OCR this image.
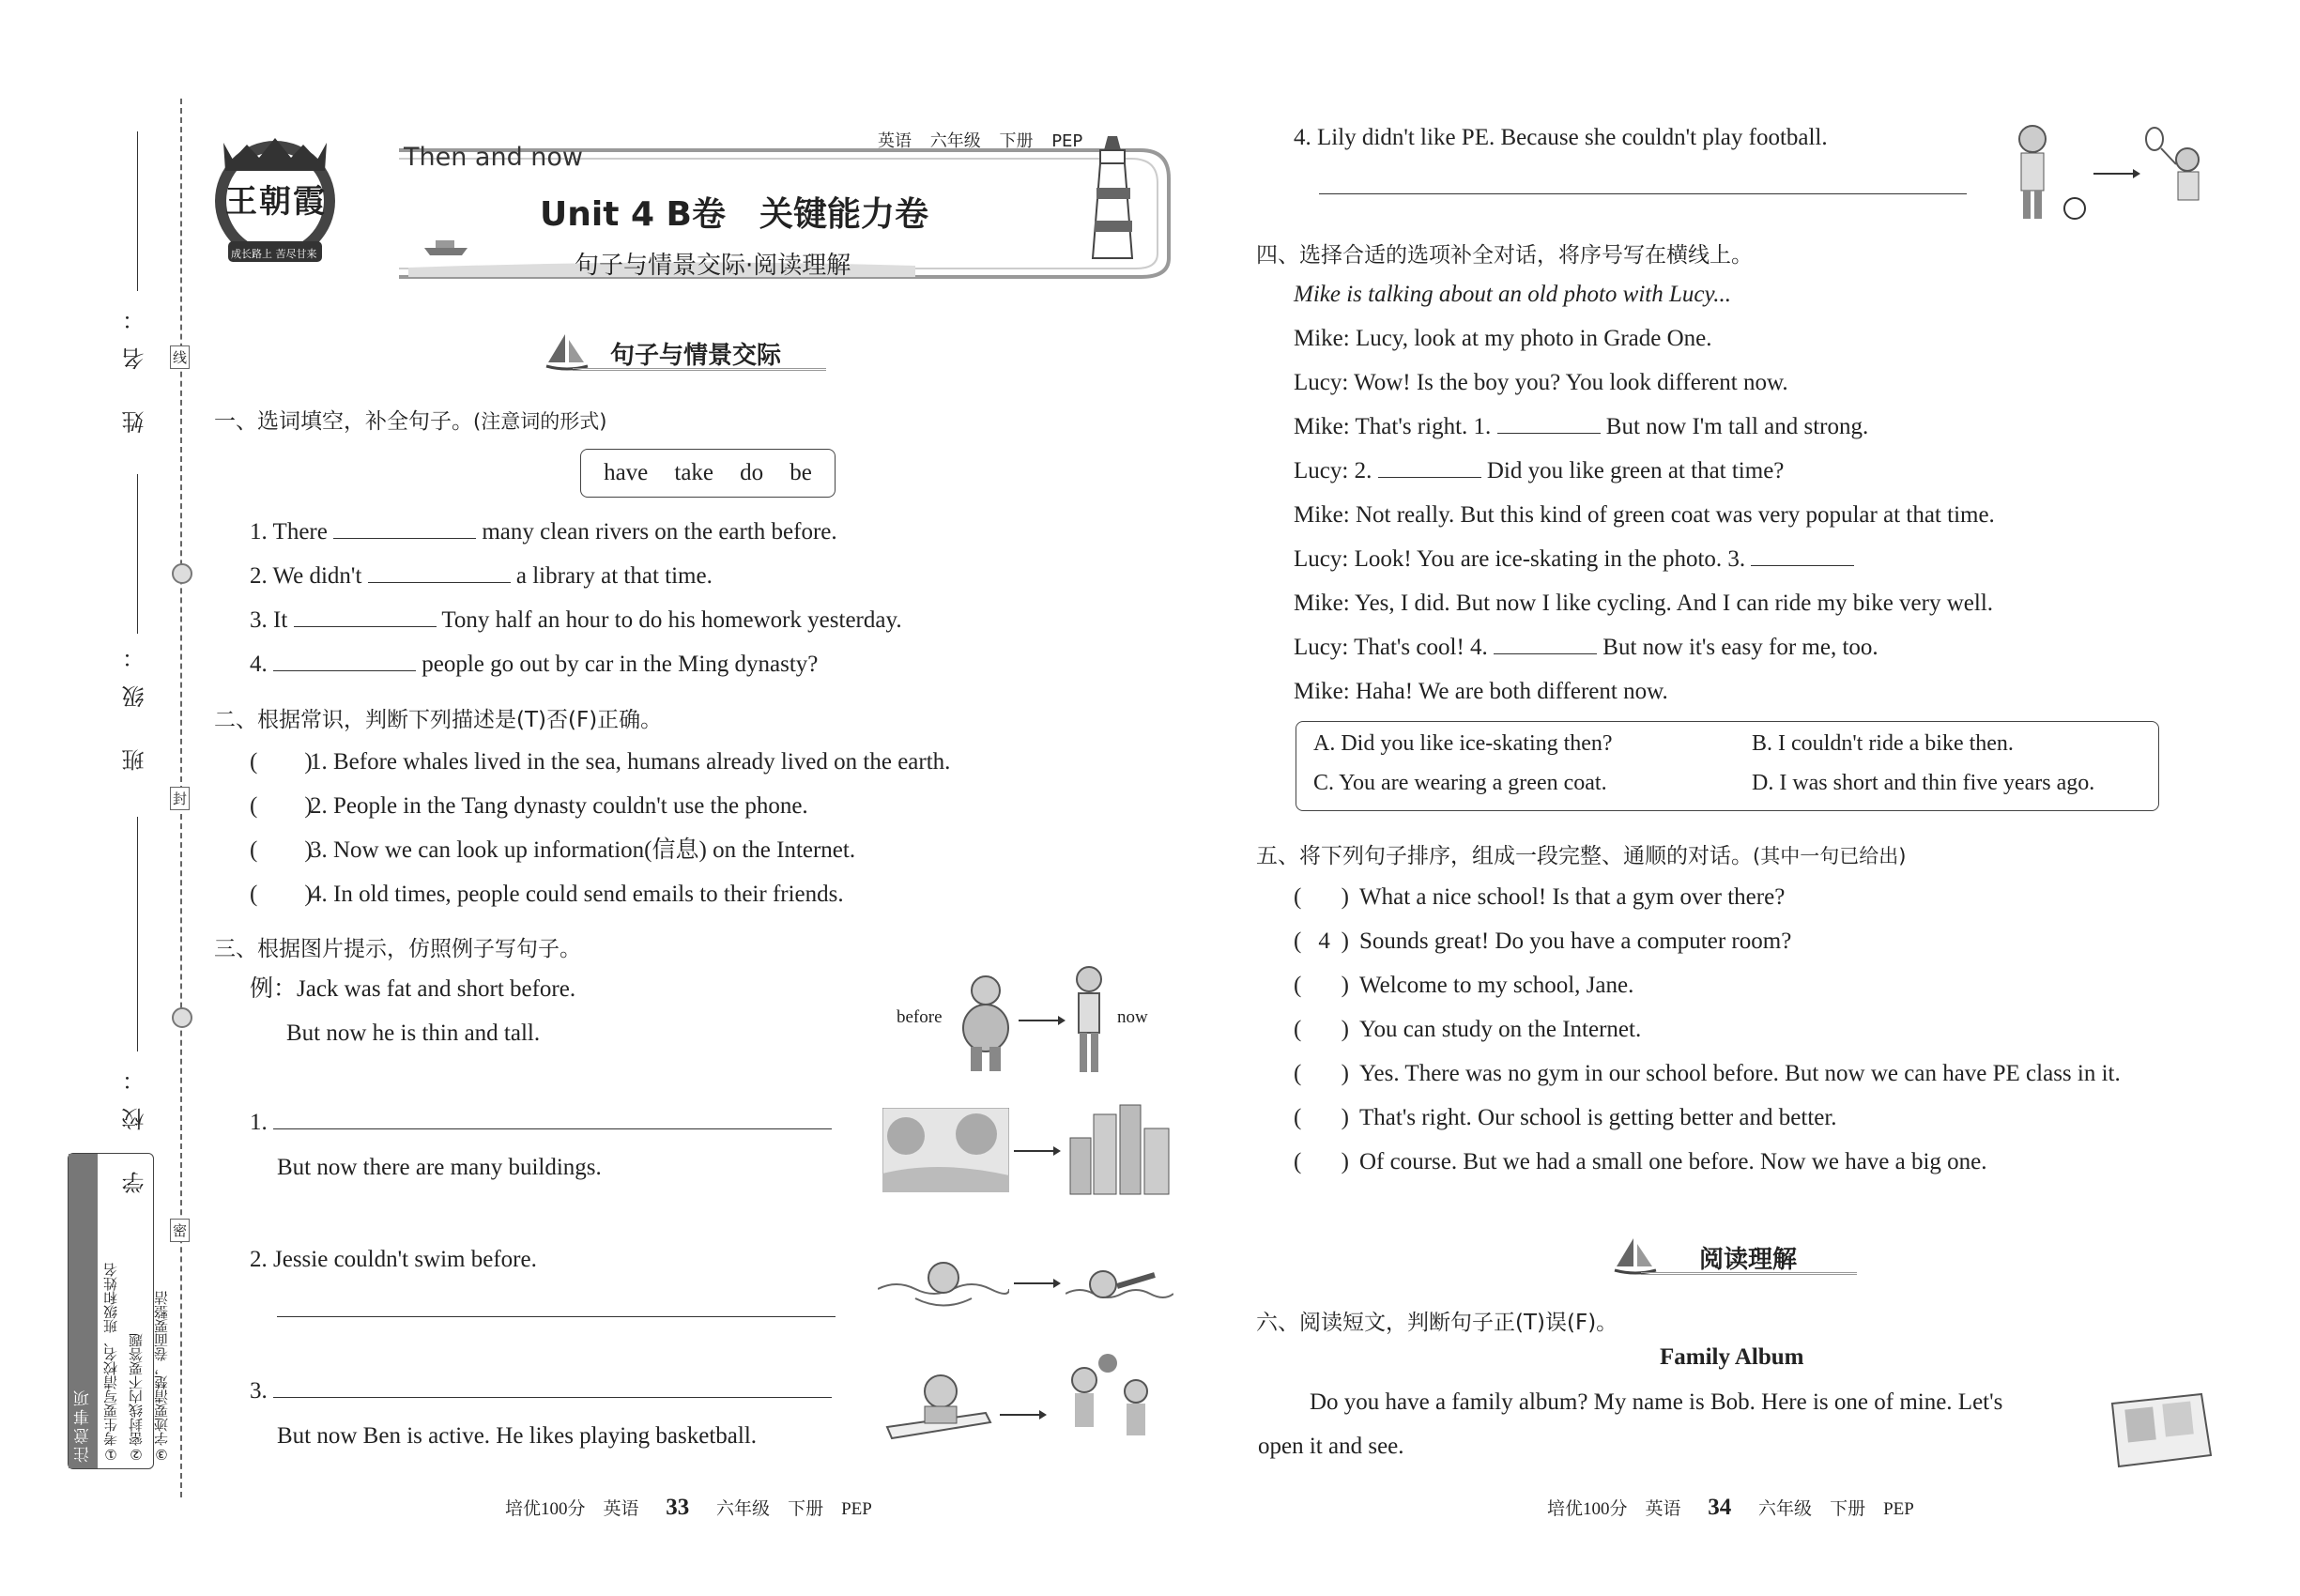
线
封
密
姓 名：
班 级：
学 校：
注意事项 ①考生要写清校名、班级和姓名 ②密封线内不要答题 ③字迹要清楚，卷面要整洁
王朝霞
成长路上 苦尽甘来
英语 六年级 下册 PEP
Then and now
Unit 4 B卷　关键能力卷
句子与情景交际·阅读理解
句子与情景交际
一、选词填空，补全句子。(注意词的形式)
have take do be
1. There	many clean rivers on the earth before.
2. We didn't	a library at that time.
3. It	Tony half an hour to do his homework yesterday.
4.	people go out by car in the Ming dynasty?
二、根据常识，判断下列描述是(T)否(F)正确。
(　　)1. Before whales lived in the sea, humans already lived on the earth.
(　　)2. People in the Tang dynasty couldn't use the phone.
(　　)3. Now we can look up information(信息) on the Internet.
(　　)4. In old times, people could send emails to their friends.
三、根据图片提示，仿照例子写句子。
例：Jack was fat and short before.
But now he is thin and tall.
before	now
1.
But now there are many buildings.
2. Jessie couldn't swim before.
3.
But now Ben is active. He likes playing basketball.
培优100分　 英语 33 六年级　 下册　 PEP
4. Lily didn't like PE. Because she couldn't play football.
四、选择合适的选项补全对话，将序号写在横线上。
Mike is talking about an old photo with Lucy...
Mike: Lucy, look at my photo in Grade One.
Lucy: Wow! Is the boy you? You look different now.
Mike: That's right. 1.	But now I'm tall and strong.
Lucy: 2.	Did you like green at that time?
Mike: Not really. But this kind of green coat was very popular at that time.
Lucy: Look! You are ice-skating in the photo. 3.
Mike: Yes, I did. But now I like cycling. And I can ride my bike very well.
Lucy: That's cool! 4.	But now it's easy for me, too.
Mike: Haha! We are both different now.
A. Did you like ice-skating then?	B. I couldn't ride a bike then.
C. You are wearing a green coat.	D. I was short and thin five years ago.
五、将下列句子排序，组成一段完整、通顺的对话。(其中一句已给出)
( ) What a nice school! Is that a gym over there?
( 4 ) Sounds great! Do you have a computer room?
( ) Welcome to my school, Jane.
( ) You can study on the Internet.
( ) Yes. There was no gym in our school before. But now we can have PE class in it.
( ) That's right. Our school is getting better and better.
( ) Of course. But we had a small one before. Now we have a big one.
阅读理解
六、阅读短文，判断句子正(T)误(F)。
Family Album
Do you have a family album? My name is Bob. Here is one of mine. Let's
open it and see.
培优100分　 英语 34 六年级　 下册　 PEP
